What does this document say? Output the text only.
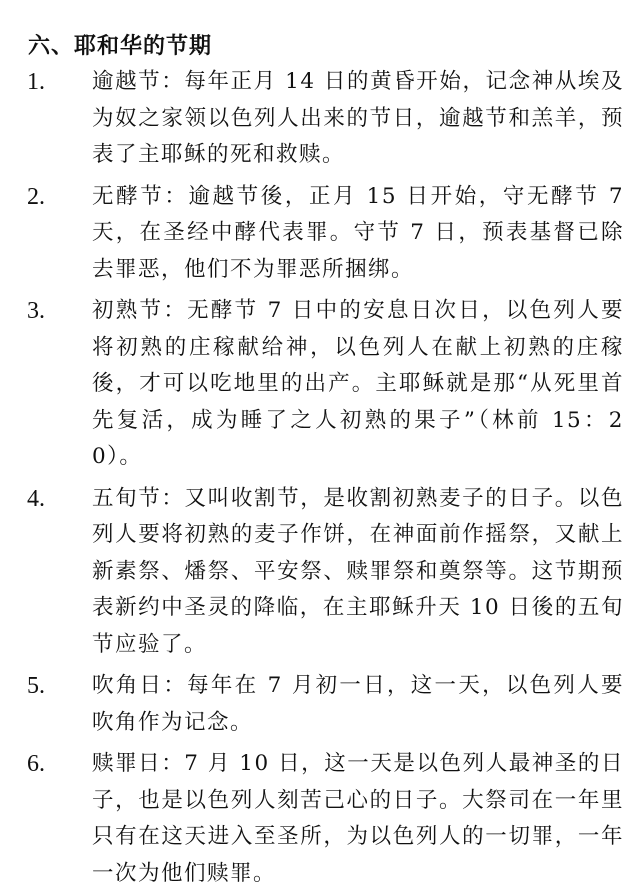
六、耶和华的节期
1. 逾越节：每年正月 14 日的黄昏开始，记念神从埃及为奴之家领以色列人出来的节日，逾越节和羔羊，预表了主耶稣的死和救赎。
2. 无酵节：逾越节後，正月 15 日开始，守无酵节 7 天，在圣经中酵代表罪。守节 7 日，预表基督已除去罪恶，他们不为罪恶所捆绑。
3. 初熟节：无酵节 7 日中的安息日次日，以色列人要将初熟的庄稼献给神，以色列人在献上初熟的庄稼後，才可以吃地里的出产。主耶稣就是那“从死里首先复活，成为睡了之人初熟的果子”（林前 15：20）。
4. 五旬节：又叫收割节，是收割初熟麦子的日子。以色列人要将初熟的麦子作饼，在神面前作摇祭，又献上新素祭、燔祭、平安祭、赎罪祭和奠祭等。这节期预表新约中圣灵的降临，在主耶稣升天 10 日後的五旬节应验了。
5. 吹角日：每年在 7 月初一日，这一天，以色列人要吹角作为记念。
6. 赎罪日：7 月 10 日，这一天是以色列人最神圣的日子，也是以色列人刻苦己心的日子。大祭司在一年里只有在这天进入至圣所，为以色列人的一切罪，一年一次为他们赎罪。
